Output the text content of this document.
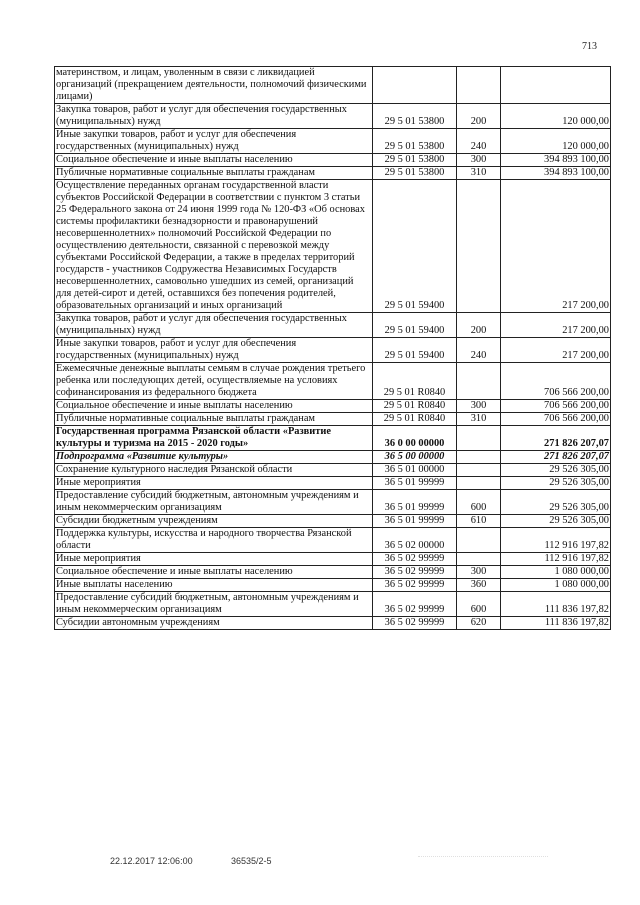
713
материнством, и лицам, уволенным в связи с ликвидацией организаций (прекращением деятельности, полномочий физическими лицами)			
Закупка товаров, работ и услуг для обеспечения государственных (муниципальных) нужд	29 5 01 53800	200	120 000,00
Иные закупки товаров, работ и услуг для обеспечения государственных (муниципальных) нужд	29 5 01 53800	240	120 000,00
Социальное обеспечение и иные выплаты населению	29 5 01 53800	300	394 893 100,00
Публичные нормативные социальные выплаты гражданам	29 5 01 53800	310	394 893 100,00
Осуществление переданных органам государственной власти субъектов Российской Федерации в соответствии с пунктом 3 статьи 25 Федерального закона от 24 июня 1999 года № 120-ФЗ «Об основах системы профилактики безнадзорности и правонарушений несовершеннолетних» полномочий Российской Федерации по осуществлению деятельности, связанной с перевозкой между субъектами Российской Федерации, а также в пределах территорий государств - участников Содружества Независимых Государств несовершеннолетних, самовольно ушедших из семей, организаций для детей-сирот и детей, оставшихся без попечения родителей, образовательных организаций и иных организаций	29 5 01 59400		217 200,00
Закупка товаров, работ и услуг для обеспечения государственных (муниципальных) нужд	29 5 01 59400	200	217 200,00
Иные закупки товаров, работ и услуг для обеспечения государственных (муниципальных) нужд	29 5 01 59400	240	217 200,00
Ежемесячные денежные выплаты семьям в случае рождения третьего ребенка или последующих детей, осуществляемые на условиях софинансирования из федерального бюджета	29 5 01 R0840		706 566 200,00
Социальное обеспечение и иные выплаты населению	29 5 01 R0840	300	706 566 200,00
Публичные нормативные социальные выплаты гражданам	29 5 01 R0840	310	706 566 200,00
Государственная программа Рязанской области «Развитие культуры и туризма на 2015 - 2020 годы»	36 0 00 00000		271 826 207,07
Подпрограмма «Развитие культуры»	36 5 00 00000		271 826 207,07
Сохранение культурного наследия Рязанской области	36 5 01 00000		29 526 305,00
Иные мероприятия	36 5 01 99999		29 526 305,00
Предоставление субсидий бюджетным, автономным учреждениям и иным некоммерческим организациям	36 5 01 99999	600	29 526 305,00
Субсидии бюджетным учреждениям	36 5 01 99999	610	29 526 305,00
Поддержка культуры, искусства и народного творчества Рязанской области	36 5 02 00000		112 916 197,82
Иные мероприятия	36 5 02 99999		112 916 197,82
Социальное обеспечение и иные выплаты населению	36 5 02 99999	300	1 080 000,00
Иные выплаты населению	36 5 02 99999	360	1 080 000,00
Предоставление субсидий бюджетным, автономным учреждениям и иным некоммерческим организациям	36 5 02 99999	600	111 836 197,82
Субсидии автономным учреждениям	36 5 02 99999	620	111 836 197,82
22.12.2017 12:06:00	36535/2-5
